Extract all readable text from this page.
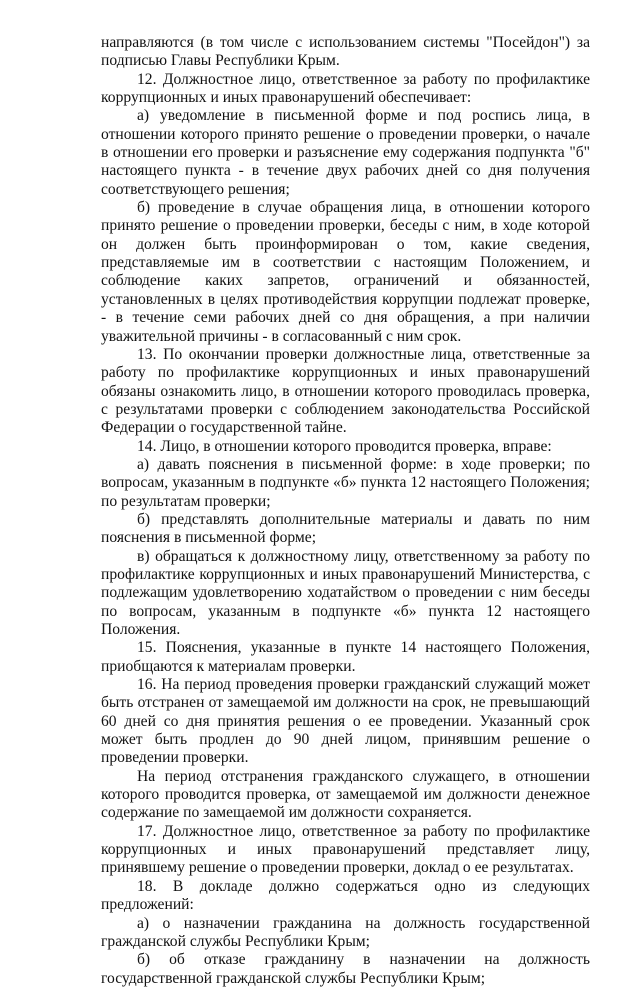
направляются (в том числе с использованием системы "Посейдон") за подписью Главы Республики Крым.

12. Должностное лицо, ответственное за работу по профилактике коррупционных и иных правонарушений обеспечивает:

а) уведомление в письменной форме и под роспись лица, в отношении которого принято решение о проведении проверки, о начале в отношении его проверки и разъяснение ему содержания подпункта "б" настоящего пункта - в течение двух рабочих дней со дня получения соответствующего решения;

б) проведение в случае обращения лица, в отношении которого принято решение о проведении проверки, беседы с ним, в ходе которой он должен быть проинформирован о том, какие сведения, представляемые им в соответствии с настоящим Положением, и соблюдение каких запретов, ограничений и обязанностей, установленных в целях противодействия коррупции подлежат проверке, - в течение семи рабочих дней со дня обращения, а при наличии уважительной причины - в согласованный с ним срок.

13. По окончании проверки должностные лица, ответственные за работу по профилактике коррупционных и иных правонарушений обязаны ознакомить лицо, в отношении которого проводилась проверка, с результатами проверки с соблюдением законодательства Российской Федерации о государственной тайне.

14. Лицо, в отношении которого проводится проверка, вправе:

а) давать пояснения в письменной форме: в ходе проверки; по вопросам, указанным в подпункте «б» пункта 12 настоящего Положения; по результатам проверки;

б) представлять дополнительные материалы и давать по ним пояснения в письменной форме;

в) обращаться к должностному лицу, ответственному за работу по профилактике коррупционных и иных правонарушений Министерства, с подлежащим удовлетворению ходатайством о проведении с ним беседы по вопросам, указанным в подпункте «б» пункта 12 настоящего Положения.

15. Пояснения, указанные в пункте 14 настоящего Положения, приобщаются к материалам проверки.

16. На период проведения проверки гражданский служащий может быть отстранен от замещаемой им должности на срок, не превышающий 60 дней со дня принятия решения о ее проведении. Указанный срок может быть продлен до 90 дней лицом, принявшим решение о проведении проверки.

На период отстранения гражданского служащего, в отношении которого проводится проверка, от замещаемой им должности денежное содержание по замещаемой им должности сохраняется.

17. Должностное лицо, ответственное за работу по профилактике коррупционных и иных правонарушений представляет лицу, принявшему решение о проведении проверки, доклад о ее результатах.

18. В докладе должно содержаться одно из следующих предложений:

а) о назначении гражданина на должность государственной гражданской службы Республики Крым;

б) об отказе гражданину в назначении на должность государственной гражданской службы Республики Крым;
